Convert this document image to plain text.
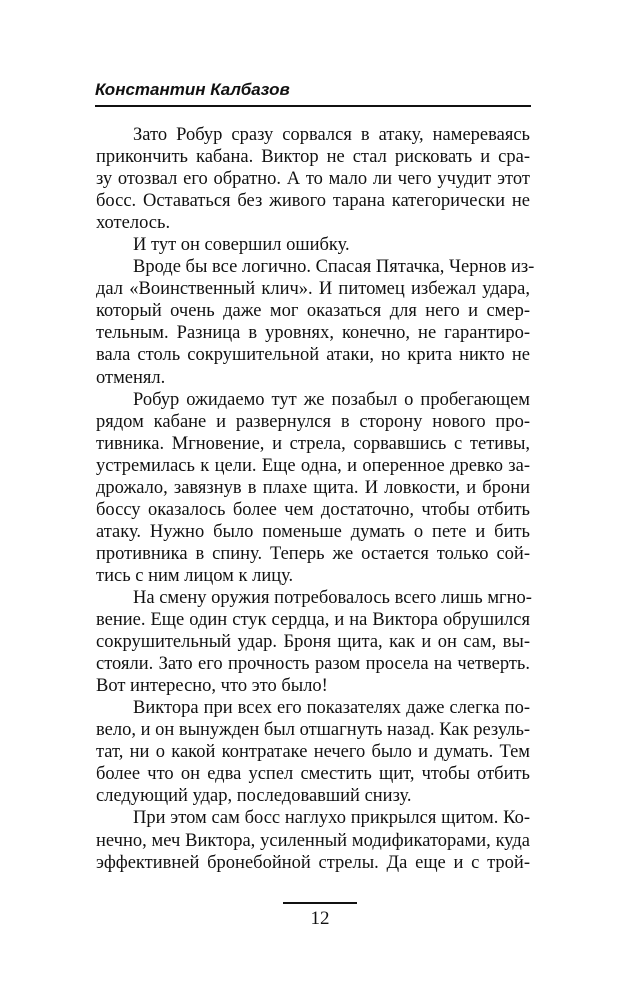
Константин Калбазов
Зато Робур сразу сорвался в атаку, намереваясь
прикончить кабана. Виктор не стал рисковать и сра-
зу отозвал его обратно. А то мало ли чего учудит этот
босс. Оставаться без живого тарана категорически не
хотелось.
И тут он совершил ошибку.
Вроде бы все логично. Спасая Пятачка, Чернов из-
дал «Воинственный клич». И питомец избежал удара,
который очень даже мог оказаться для него и смер-
тельным. Разница в уровнях, конечно, не гарантиро-
вала столь сокрушительной атаки, но крита никто не
отменял.
Робур ожидаемо тут же позабыл о пробегающем
рядом кабане и развернулся в сторону нового про-
тивника. Мгновение, и стрела, сорвавшись с тетивы,
устремилась к цели. Еще одна, и оперенное древко за-
дрожало, завязнув в плахе щита. И ловкости, и брони
боссу оказалось более чем достаточно, чтобы отбить
атаку. Нужно было поменьше думать о пете и бить
противника в спину. Теперь же остается только сой-
тись с ним лицом к лицу.
На смену оружия потребовалось всего лишь мгно-
вение. Еще один стук сердца, и на Виктора обрушился
сокрушительный удар. Броня щита, как и он сам, вы-
стояли. Зато его прочность разом просела на четверть.
Вот интересно, что это было!
Виктора при всех его показателях даже слегка по-
вело, и он вынужден был отшагнуть назад. Как резуль-
тат, ни о какой контратаке нечего было и думать. Тем
более что он едва успел сместить щит, чтобы отбить
следующий удар, последовавший снизу.
При этом сам босс наглухо прикрылся щитом. Ко-
нечно, меч Виктора, усиленный модификаторами, куда
эффективней бронебойной стрелы. Да еще и с трой-
12
